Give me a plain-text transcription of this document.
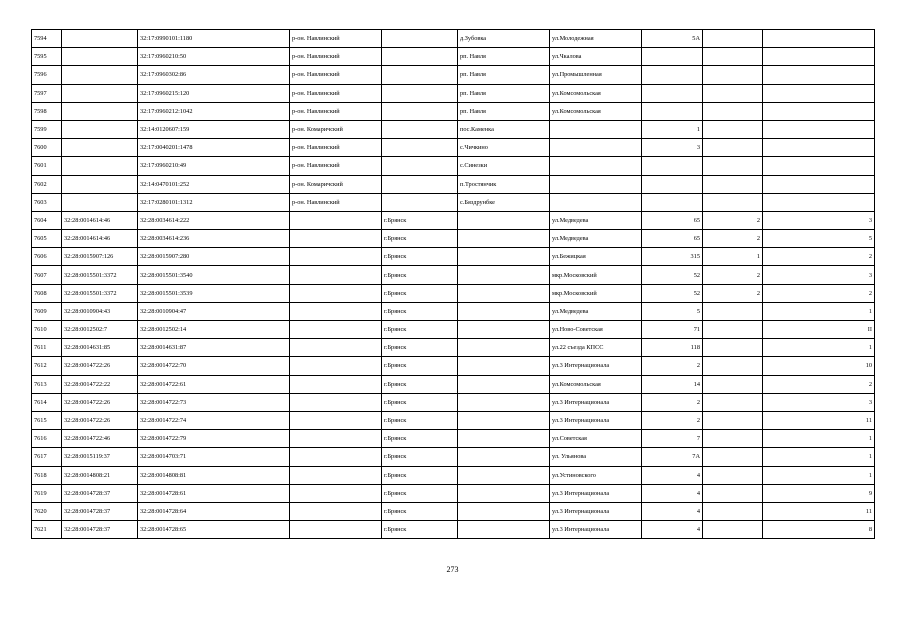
7594		32:17:0990101:1180	р-он. Навлинский		д.Зубовка	ул.Молодежная	5А		
7595		32:17:0960210:50	р-он. Навлинский		рп. Навля	ул.Чкалова			
7596		32:17:0960302:86	р-он. Навлинский		рп. Навля	ул.Промышленная			
7597		32:17:0960215:120	р-он. Навлинский		рп. Навля	ул.Комсомольская			
7598		32:17:0960212:1042	р-он. Навлинский		рп. Навля	ул.Комсомольская			
7599		32:14:0120607:159	р-он. Комаричский		пос.Каменка		1		
7600		32:17:0040201:1478	р-он. Навлинский		с.Чичкино		3		
7601		32:17:0960210:49	р-он. Навлинский		с.Синезки				
7602		32:14:0470101:252	р-он. Комаричский		п.Тростянчик				
7603		32:17:0280101:1312	р-он. Навлинский		с.Бяздрунбке				
7604	32:28:0014614:46	32:28:0034614:222		г.Брянск		ул.Медведева	65	2	3
7605	32:28:0014614:46	32:28:0034614:236		г.Брянск		ул.Медведева	65	2	5
7606	32:28:0015907:126	32:28:0015907:280		г.Брянск		ул.Бежицкая	315	1	2
7607	32:28:0015501:3372	32:28:0015501:3540		г.Брянск		мкр.Московский	52	2	3
7608	32:28:0015501:3372	32:28:0015501:3539		г.Брянск		мкр.Московский	52	2	2
7609	32:28:0010904:43	32:28:0010904:47		г.Брянск		ул.Медведева	5		1
7610	32:28:0012502:7	32:28:0012502:14		г.Брянск		ул.Ново-Советская	71		II
7611	32:28:0014631:85	32:28:0014631:87		г.Брянск		ул.22 съезда КПСС	118		1
7612	32:28:0014722:26	32:28:0014722:70		г.Брянск		ул.3 Интернационала	2		10
7613	32:28:0014722:22	32:28:0014722:61		г.Брянск		ул.Комсомольская	14		2
7614	32:28:0014722:26	32:28:0014722:73		г.Брянск		ул.3 Интернационала	2		3
7615	32:28:0014722:26	32:28:0014722:74		г.Брянск		ул.3 Интернационала	2		11
7616	32:28:0014722:46	32:28:0014722:79		г.Брянск		ул.Советская	7		1
7617	32:28:0015119:37	32:28:0014703:71		г.Брянск		ул. Ульянова	7А		1
7618	32:28:0014808:21	32:28:0014808:81		г.Брянск		ул.Устиновского	4		1
7619	32:28:0014728:37	32:28:0014728:61		г.Брянск		ул.3 Интернационала	4		9
7620	32:28:0014728:37	32:28:0014728:64		г.Брянск		ул.3 Интернационала	4		11
7621	32:28:0014728:37	32:28:0014728:65		г.Брянск		ул.3 Интернационала	4		8
273
